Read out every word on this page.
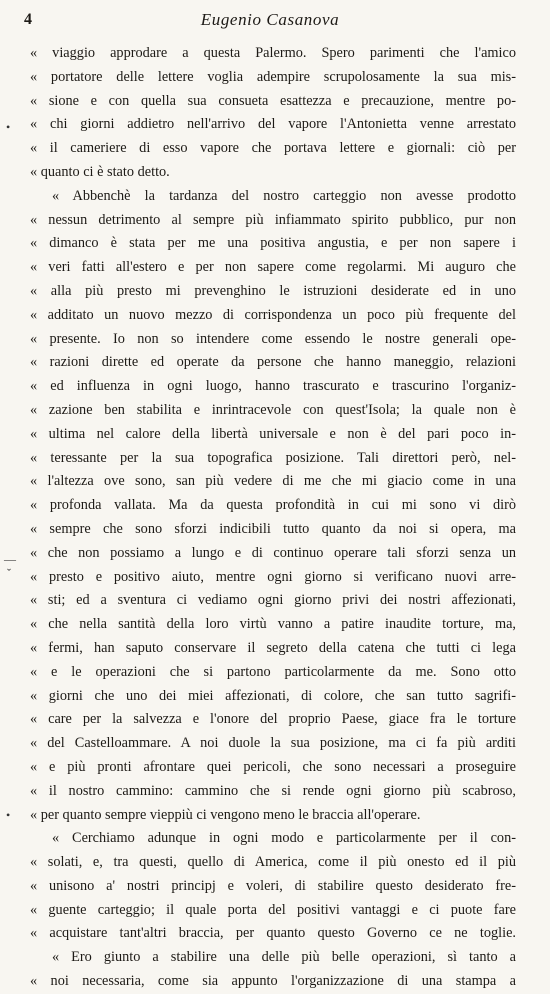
4	Eugenio Casanova
« viaggio approdare a questa Palermo. Spero parimenti che l'amico
« portatore delle lettere voglia adempire scrupolosamente la sua mis-
« sione e con quella sua consueta esattezza e precauzione, mentre po-
« chi giorni addietro nell'arrivo del vapore l'Antonietta venne arrestato
« il cameriere di esso vapore che portava lettere e giornali: ciò per
« quanto ci è stato detto.
« Abbenchè la tardanza del nostro carteggio non avesse prodotto
« nessun detrimento al sempre più infiammato spirito pubblico, pur non
« dimanco è stata per me una positiva angustia, e per non sapere i
« veri fatti all'estero e per non sapere come regolarmi. Mi auguro che
« alla più presto mi prevenghino le istruzioni desiderate ed in uno
« additato un nuovo mezzo di corrispondenza un poco più frequente del
« presente. Io non so intendere come essendo le nostre generali ope-
« razioni dirette ed operate da persone che hanno maneggio, relazioni
« ed influenza in ogni luogo, hanno trascurato e trascurino l'organiz-
« zazione ben stabilita e inrintracevole con quest'Isola; la quale non è
« ultima nel calore della libertà universale e non è del pari poco in-
« teressante per la sua topografica posizione. Tali direttori però, nel-
« l'altezza ove sono, san più vedere di me che mi giacio come in una
« profonda vallata. Ma da questa profondità in cui mi sono vi dirò
« sempre che sono sforzi indicibili tutto quanto da noi si opera, ma
« che non possiamo a lungo e di continuo operare tali sforzi senza un
« presto e positivo aiuto, mentre ogni giorno si verificano nuovi arre-
« sti; ed a sventura ci vediamo ogni giorno privi dei nostri affezionati,
« che nella santità della loro virtù vanno a patire inaudite torture, ma,
« fermi, han saputo conservare il segreto della catena che tutti ci lega
« e le operazioni che si partono particolarmente da me. Sono otto
« giorni che uno dei miei affezionati, di colore, che san tutto sagrifi-
« care per la salvezza e l'onore del proprio Paese, giace fra le torture
« del Castelloammare. A noi duole la sua posizione, ma ci fa più arditi
« e più pronti afrontare quei pericoli, che sono necessari a proseguire
« il nostro cammino: cammino che si rende ogni giorno più scabroso,
« per quanto sempre vieppiù ci vengono meno le braccia all'operare.
« Cerchiamo adunque in ogni modo e particolarmente per il con-
« solati, e, tra questi, quello di America, come il più onesto ed il più
« unisono a' nostri principj e voleri, di stabilire questo desiderato fre-
« guente carteggio; il quale porta del positivi vantaggi e ci puote fare
« acquistare tant'altri braccia, per quanto questo Governo ce ne toglie.
« Ero giunto a stabilire una delle più belle operazioni, sì tanto a
« noi necessaria, come sia appunto l'organizzazione di una stampa a
•
—
ˇ
•
